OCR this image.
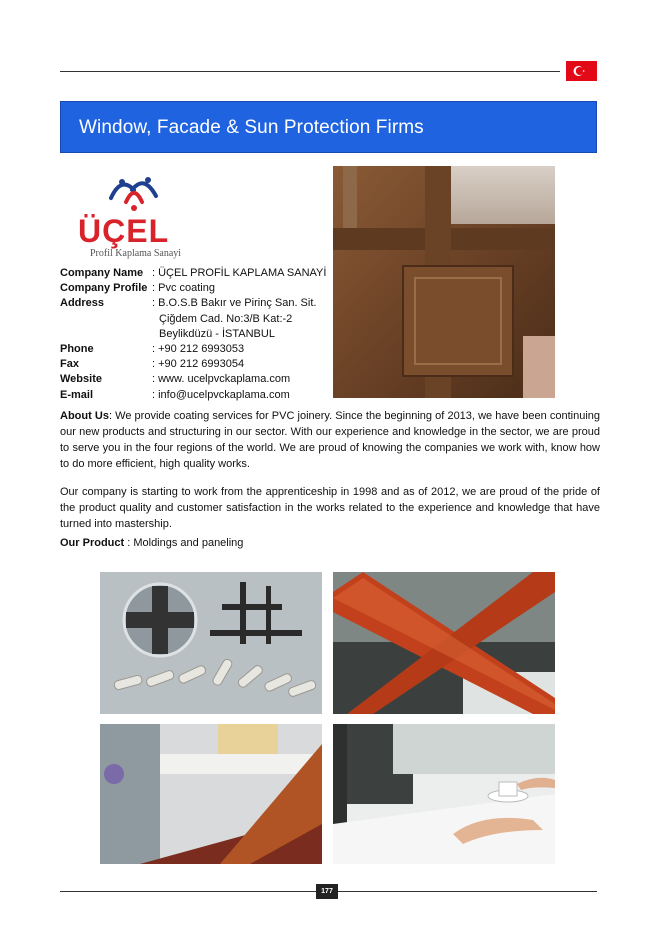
Window, Facade & Sun Protection Firms
ÜÇEL
Profil Kaplama Sanayi
Company Name : ÜÇEL PROFİL KAPLAMA SANAYİ
Company Profile : Pvc coating
Address	: B.O.S.B Bakır ve Pirinç San. Sit.
Çiğdem Cad. No:3/B Kat:-2
Beylikdüzü - İSTANBUL
Phone	: +90 212 6993053
Fax	: +90 212 6993054
Website	: www. ucelpvckaplama.com
E-mail	: info@ucelpvckaplama.com
About Us: We provide coating services for PVC joinery. Since the beginning of 2013, we have been continuing our new products and structuring in our sector. With our experience and knowledge in the sector, we are proud to serve you in the four regions of the world. We are proud of knowing the companies we work with, know how to do more efficient, high quality works.
Our company is starting to work from the apprenticeship in 1998 and as of 2012, we are proud of the pride of the product quality and customer satisfaction in the works related to the experience and knowledge that have turned into mastership.
Our Product : Moldings and paneling
177
